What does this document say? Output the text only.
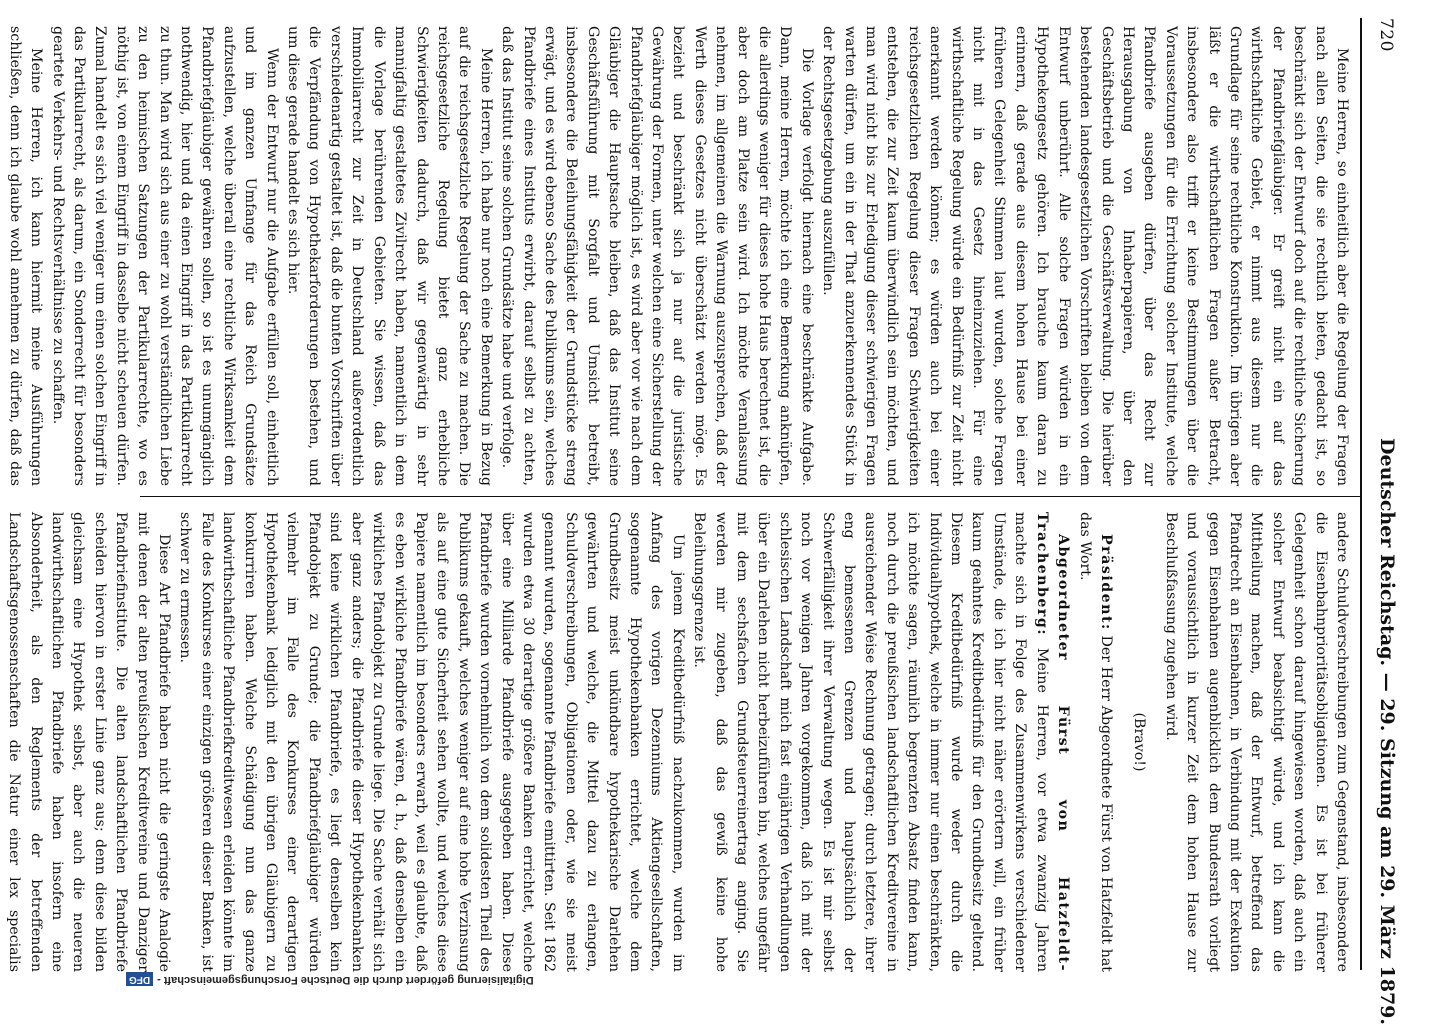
720
Deutscher Reichstag. — 29. Sitzung am 29. März 1879.

Meine Herren, so einheitlich aber die Regelung der Fragen nach allen Seiten, die sie rechtlich bieten, gedacht ist, so beschränkt sich der Entwurf doch auf die rechtliche Sicherung der Pfandbriefgläubiger. Er greift nicht ein auf das wirthschaftliche Gebiet, er nimmt aus diesem nur die Grundlage für seine rechtliche Konstruktion. Im übrigen aber läßt er die wirthschaftlichen Fragen außer Betracht, insbesondere also trifft er keine Bestimmungen über die Voraussetzungen für die Errichtung solcher Institute, welche Pfandbriefe ausgeben dürfen, über das Recht zur Herausgabung von Inhaberpapieren, über den Geschäftsbetrieb und die Geschäftsverwaltung. Die hierüber bestehenden landesgesetzlichen Vorschriften bleiben von dem Entwurf unberührt. Alle solche Fragen würden in ein Hypothekengesetz gehören. Ich brauche kaum daran zu erinnern, daß gerade aus diesem hohen Hause bei einer früheren Gelegenheit Stimmen laut wurden, solche Fragen nicht mit in das Gesetz hineinzuziehen. Für eine wirthschaftliche Regelung würde ein Bedürfniß zur Zeit nicht anerkannt werden können; es würden auch bei einer reichsgesetzlichen Regelung dieser Fragen Schwierigkeiten entstehen, die zur Zeit kaum überwindlich sein möchten, und man wird nicht bis zur Erledigung dieser schwierigen Fragen warten dürfen, um ein in der That anzuerkennendes Stück in der Rechtsgesetzgebung auszufüllen.

Die Vorlage verfolgt hiernach eine beschränkte Aufgabe. Dann, meine Herren, möchte ich eine Bemerkung anknüpfen, die allerdings weniger für dieses hohe Haus berechnet ist, die aber doch am Platze sein wird. Ich möchte Veranlassung nehmen, im allgemeinen die Warnung auszusprechen, daß der Werth dieses Gesetzes nicht überschätzt werden möge. Es bezieht und beschränkt sich ja nur auf die juristische Gewährung der Formen, unter welchen eine Sicherstellung der Pfandbriefgläubiger möglich ist, es wird aber vor wie nach dem Gläubiger die Hauptsache bleiben, daß das Institut seine Geschäftsführung mit Sorgfalt und Umsicht betreibt, insbesondere die Beleihungsfähigkeit der Grundstücke streng erwägt, und es wird ebenso Sache des Publikums sein, welches Pfandbriefe eines Instituts erwirbt, darauf selbst zu achten, daß das Institut seine solchen Grundsätze habe und verfolge.

Meine Herren, ich habe nur noch eine Bemerkung in Bezug auf die reichsgesetzliche Regelung der Sache zu machen. Die reichsgesetzliche Regelung bietet ganz erhebliche Schwierigkeiten dadurch, daß wir gegenwärtig in sehr mannigfaltig gestaltetes Zivilrecht haben, namentlich in dem die Vorlage berührenden Gebieten. Sie wissen, daß das Immobiliarrecht zur Zeit in Deutschland außerordentlich verschiedenartig gestaltet ist, daß die bunten Vorschriften über die Verpfändung von Hypothekarforderungen bestehen, und um diese gerade handelt es sich hier.

Wenn der Entwurf nur die Aufgabe erfüllen soll, einheitlich und im ganzen Umfange für das Reich Grundsätze aufzustellen, welche überall eine rechtliche Wirksamkeit dem Pfandbriefgläubiger gewähren sollen, so ist es unumgänglich nothwendig, hier und da einen Eingriff in das Partikularrecht zu thun. Man wird sich aus einer zu wohl verständlichen Liebe zu den heimischen Satzungen der Partikularrechte, wo es nöthig ist, von einem Eingriff in dasselbe nicht scheuen dürfen. Zumal handelt es sich viel weniger um einen solchen Eingriff in das Partikularrecht, als darum, ein Sonderrecht für besonders geartete Verkehrs- und Rechtsverhältnisse zu schaffen.

Meine Herren, ich kann hiermit meine Ausführungen schließen, denn ich glaube wohl annehmen zu dürfen, daß das

andere Schuldverschreibungen zum Gegenstand, insbesondere die Eisenbahnprioritätsobligationen. Es ist bei früherer Gelegenheit schon darauf hingewiesen worden, daß auch ein solcher Entwurf beabsichtigt würde, und ich kann die Mittheilung machen, daß der Entwurf, betreffend das Pfandrecht an Eisenbahnen, in Verbindung mit der Exekution gegen Eisenbahnen augenblicklich dem Bundesrath vorliegt und voraussichtlich in kurzer Zeit dem hohen Hause zur Beschlußfassung zugehen wird.

(Bravo!)

Präsident: Der Herr Abgeordnete Fürst von Hatzfeldt hat das Wort.

Abgeordneter Fürst von Hatzfeldt-Trachenberg: Meine Herren, vor etwa zwanzig Jahren machte sich in Folge des Zusammenwirkens verschiedener Umstände, die ich hier nicht näher erörtern will, ein früher kaum geahntes Kreditbedürfniß für den Grundbesitz geltend. Diesem Kreditbedürfniß wurde weder durch die Individualhypothek, welche in immer nur einen beschränkten, ich möchte sagen, räumlich begrenzten Absatz finden kann, noch durch die preußischen landschaftlichen Kreditvereine in ausreichender Weise Rechnung getragen; durch letztere, ihrer eng bemessenen Grenzen und hauptsächlich der Schwerfälligkeit ihrer Verwaltung wegen. Es ist mir selbst noch vor wenigen Jahren vorgekommen, daß ich mit der schlesischen Landschaft mich fast einjährigen Verhandlungen über ein Darlehen nicht herbeizuführen bin, welches ungefähr mit dem sechsfachen Grundsteuerreinertrag anging. Sie werden mir zugeben, daß das gewiß keine hohe Beleihungsgrenze ist.

Um jenem Kreditbedürfniß nachzukommen, wurden im Anfang des vorigen Dezenniums Aktiengesellschaften, sogenannte Hypothekenbanken errichtet, welche dem Grundbesitz meist unkündbare hypothekarische Darlehen gewährten und welche, die Mittel dazu zu erlangen, Schuldverschreibungen, Obligationen oder, wie sie meist genannt wurden, sogenannte Pfandbriefe emittirten. Seit 1862 wurden etwa 30 derartige größere Banken errichtet, welche über eine Milliarde Pfandbriefe ausgegeben haben. Diese Pfandbriefe wurden vornehmlich von dem solidesten Theil des Publikums gekauft, welches weniger auf eine hohe Verzinsung als auf eine gute Sicherheit sehen wollte, und welches diese Papiere namentlich im besonders erwarb, weil es glaubte, daß es eben wirkliche Pfandbriefe wären, d. h., daß denselben ein wirkliches Pfandobjekt zu Grunde liege. Die Sache verhält sich aber ganz anders; die Pfandbriefe dieser Hypothekenbanken sind keine wirklichen Pfandbriefe, es liegt denselben kein Pfandobjekt zu Grunde; die Pfandbriefgläubiger würden vielmehr im Falle des Konkurses einer derartigen Hypothekenbank lediglich mit den übrigen Gläubigern zu konkurriren haben. Welche Schädigung nun das ganze landwirthschaftliche Pfandbriefkreditwesen erleiden könnte im Falle des Konkurses einer einzigen größeren dieser Banken, ist schwer zu ermessen.

Diese Art Pfandbriefe haben nicht die geringste Analogie mit denen der alten preußischen Kreditvereine und Danziger Pfandbriefinstitute. Die alten landschaftlichen Pfandbriefe scheiden hiervon in erster Linie ganz aus; denn diese bilden gleichsam eine Hypothek selbst, aber auch die neueren landwirthschaftlichen Pfandbriefe haben insofern eine Absonderheit, als den Reglements der betreffenden Landschaftsgenossenschaften die Natur einer lex specialis

Digitalisierung gefördert durch die Deutsche Forschungsgemeinschaft -DFG
